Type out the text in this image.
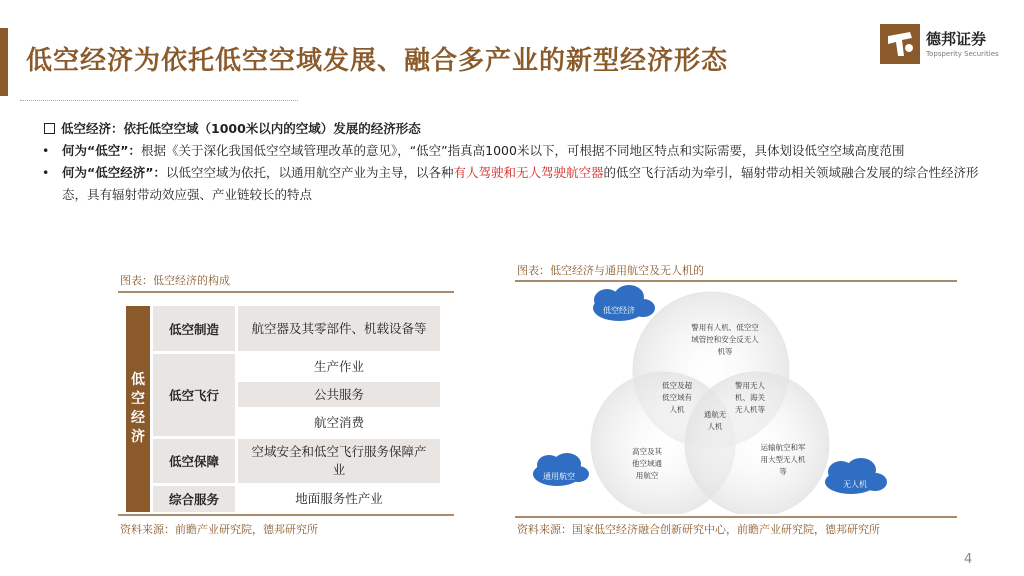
低空经济为依托低空空域发展、融合多产业的新型经济形态
德邦证券
Topsperity Securities
低空经济：依托低空空域（1000米以内的空域）发展的经济形态
• 何为“低空”：根据《关于深化我国低空空域管理改革的意见》，“低空”指真高1000米以下，可根据不同地区特点和实际需要，具体划设低空空域高度范围
• 何为“低空经济”：以低空空域为依托，以通用航空产业为主导，以各种有人驾驶和无人驾驶航空器的低空飞行活动为牵引，辐射带动相关领域融合发展的综合性经济形态，具有辐射带动效应强、产业链较长的特点
图表：低空经济的构成
低
空
经
济
低空制造
低空飞行
低空保障
综合服务
航空器及其零部件、机载设备等
生产作业
公共服务
航空消费
空域安全和低空飞行服务保障产业
地面服务性产业
资料来源：前瞻产业研究院，德邦研究所
图表：低空经济与通用航空及无人机的
低空经济
通用航空
无人机
警用有人机、低空空
域管控和安全反无人
机等
低空及超
低空域有
人机
警用无人
机、海关
无人机等
通航无
人机
高空及其
他空域通
用航空
运输航空和军
用大型无人机
等
资料来源：国家低空经济融合创新研究中心，前瞻产业研究院，德邦研究所
4
